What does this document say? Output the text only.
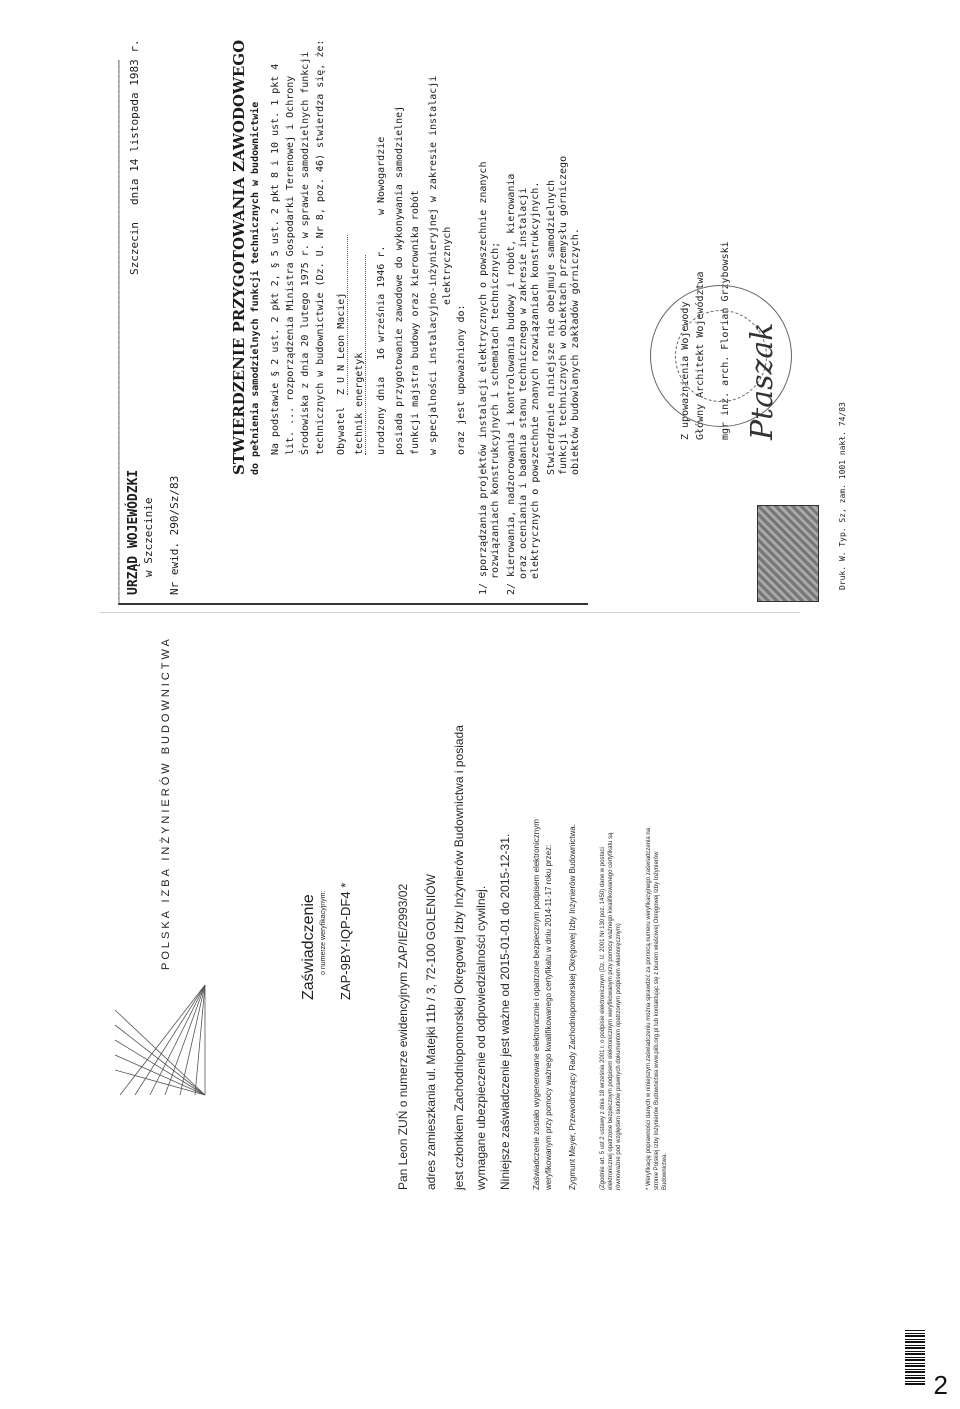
URZĄD WOJEWÓDZKI w Szczecinie
Szczecin
dnia 14 listopada 1983 r.
Nr ewid. 290/Sz/83
STWIERDZENIE PRZYGOTOWANIA ZAWODOWEGO do pełnienia samodzielnych funkcji technicznych w budownictwie Na podstawie § 2 ust. 2 pkt 2, § 5 ust. 2 pkt 8 i 10 ust. 1 pkt 4 lit. ... rozporządzenia Ministra Gospodarki Terenowej i Ochrony Środowiska z dnia 20 lutego 1975 r. w sprawie samodzielnych funkcji technicznych w budownictwie (Dz. U. Nr 8, poz. 46) stwierdza się, że: Obywatel
Z U N Leon Maciej
technik energetyk urodzony dnia
16 września 1946 r.
w Nowogardzie posiada przygotowanie zawodowe do wykonywania samodzielnej funkcji majstra budowy oraz kierownika robót w specjalności instalacyjno-inżynieryjnej w zakresie instalacji elektrycznych
oraz jest upoważniony do: 1/ sporządzania projektów instalacji elektrycznych o powszechnie znanych rozwiązaniach konstrukcyjnych i schematach technicznych; 2/ kierowania, nadzorowania i kontrolowania budowy i robót, kierowania oraz oceniania i badania stanu technicznego w zakresie instalacji elektrycznych o powszechnie znanych rozwiązaniach konstrukcyjnych. Stwierdzenie niniejsze nie obejmuje samodzielnych funkcji technicznych w obiektach przemysłu górniczego obiektów budowlanych zakładów górniczych.	Z upoważnienia Wojewody Główny Architekt Województwa mgr inż. arch. Florian Grzybowski Ptaszak
Druk. W. Typ. Sz, zam. 1001 nakł. 74/83
POLSKA IZBA INŻYNIERÓW BUDOWNICTWA	Zaświadczenie o numerze weryfikacyjnym: ZAP-9BY-IQP-DF4 *	Pan Leon ZUŃ o numerze ewidencyjnym ZAP/IE/2993/02 adres zamieszkania ul. Matejki 11b / 3, 72-100 GOLENIÓW jest członkiem Zachodniopomorskiej Okręgowej Izby Inżynierów Budownictwa i posiada wymagane ubezpieczenie od odpowiedzialności cywilnej. Niniejsze zaświadczenie jest ważne od 2015-01-01 do 2015-12-31.	Zaświadczenie zostało wygenerowane elektronicznie i opatrzone bezpiecznym podpisem elektronicznym weryfikowanym przy pomocy ważnego kwalifikowanego certyfikatu w dniu 2014-11-17 roku przez: Zygmunt Meyer, Przewodniczący Rady Zachodniopomorskiej Okręgowej Izby Inżynierów Budownictwa.	(Zgodnie art. 5 ust 2 ustawy z dnia 18 września 2001 r. o podpisie elektronicznym (Dz. U. 2001 Nr 130 poz. 1450) dane w postaci elektronicznej opatrzone bezpiecznym podpisem elektronicznym weryfikowanym przy pomocy ważnego kwalifikowanego certyfikatu są równoważne pod względem skutków prawnych dokumentom opatrzonym podpisem własnoręcznym)	* Weryfikację poprawności danych w niniejszym zaświadczeniu można sprawdzić za pomocą numeru weryfikacyjnego zaświadczenia na stronie Polskiej Izby Inżynierów Budownictwa www.piib.org.pl lub kontaktując się z biurem właściwej Okręgowej Izby Inżynierów Budownictwa.
2
